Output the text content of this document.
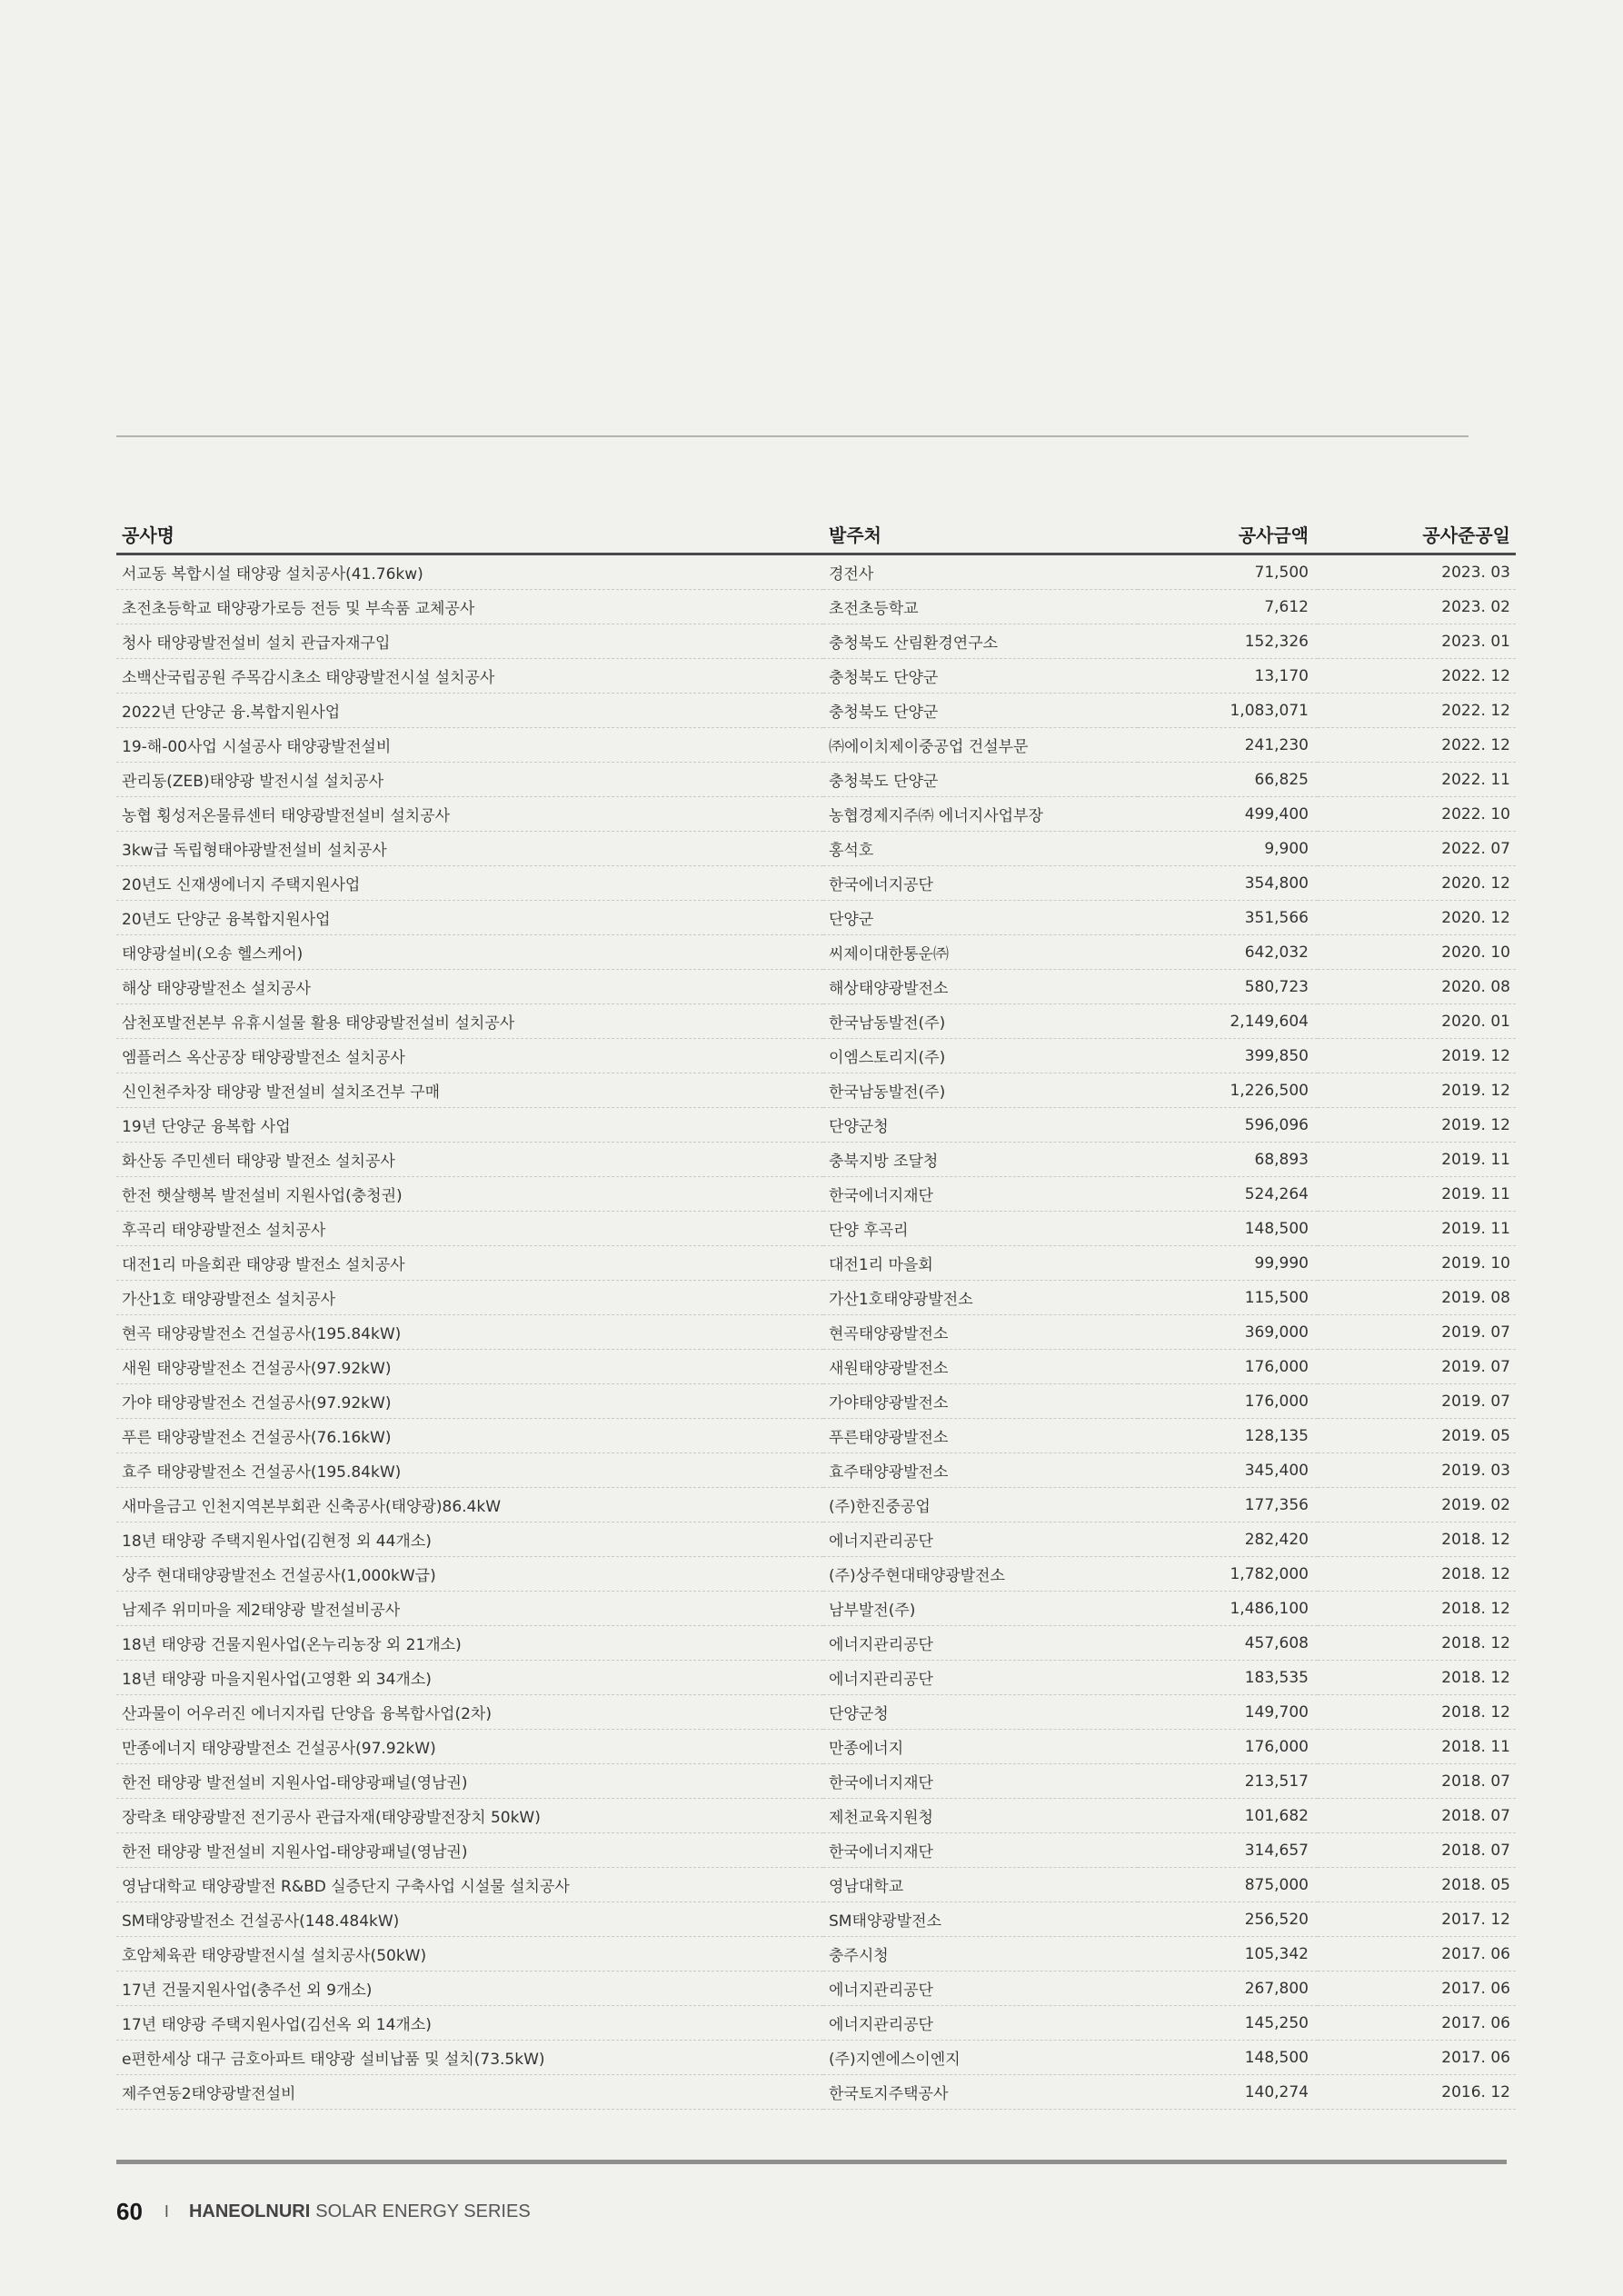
공사명	발주처	공사금액	공사준공일
서교동 복합시설 태양광 설치공사(41.76kw)	경전사	71,500	2023. 03
초전초등학교 태양광가로등 전등 및 부속품 교체공사	초전초등학교	7,612	2023. 02
청사 태양광발전설비 설치 관급자재구입	충청북도 산림환경연구소	152,326	2023. 01
소백산국립공원 주목감시초소 태양광발전시설 설치공사	충청북도 단양군	13,170	2022. 12
2022년 단양군 융.복합지원사업	충청북도 단양군	1,083,071	2022. 12
19-해-00사업 시설공사 태양광발전설비	㈜에이치제이중공업 건설부문	241,230	2022. 12
관리동(ZEB)태양광 발전시설 설치공사	충청북도 단양군	66,825	2022. 11
농협 횡성저온물류센터 태양광발전설비 설치공사	농협경제지주㈜ 에너지사업부장	499,400	2022. 10
3kw급 독립형태야광발전설비 설치공사	홍석호	9,900	2022. 07
20년도 신재생에너지 주택지원사업	한국에너지공단	354,800	2020. 12
20년도 단양군 융복합지원사업	단양군	351,566	2020. 12
태양광설비(오송 헬스케어)	씨제이대한통운㈜	642,032	2020. 10
해상 태양광발전소 설치공사	해상태양광발전소	580,723	2020. 08
삼천포발전본부 유휴시설물 활용 태양광발전설비 설치공사	한국남동발전(주)	2,149,604	2020. 01
엠플러스 옥산공장 태양광발전소 설치공사	이엠스토리지(주)	399,850	2019. 12
신인천주차장 태양광 발전설비 설치조건부 구매	한국남동발전(주)	1,226,500	2019. 12
19년 단양군 융복합 사업	단양군청	596,096	2019. 12
화산동 주민센터 태양광 발전소 설치공사	충북지방 조달청	68,893	2019. 11
한전 햇살행복 발전설비 지원사업(충청권)	한국에너지재단	524,264	2019. 11
후곡리 태양광발전소 설치공사	단양 후곡리	148,500	2019. 11
대전1리 마을회관 태양광 발전소 설치공사	대전1리 마을회	99,990	2019. 10
가산1호 태양광발전소 설치공사	가산1호태양광발전소	115,500	2019. 08
현곡 태양광발전소 건설공사(195.84kW)	현곡태양광발전소	369,000	2019. 07
새원 태양광발전소 건설공사(97.92kW)	새원태양광발전소	176,000	2019. 07
가야 태양광발전소 건설공사(97.92kW)	가야태양광발전소	176,000	2019. 07
푸른 태양광발전소 건설공사(76.16kW)	푸른태양광발전소	128,135	2019. 05
효주 태양광발전소 건설공사(195.84kW)	효주태양광발전소	345,400	2019. 03
새마을금고 인천지역본부회관 신축공사(태양광)86.4kW	(주)한진중공업	177,356	2019. 02
18년 태양광 주택지원사업(김현정 외 44개소)	에너지관리공단	282,420	2018. 12
상주 현대태양광발전소 건설공사(1,000kW급)	(주)상주현대태양광발전소	1,782,000	2018. 12
남제주 위미마을 제2태양광 발전설비공사	남부발전(주)	1,486,100	2018. 12
18년 태양광 건물지원사업(온누리농장 외 21개소)	에너지관리공단	457,608	2018. 12
18년 태양광 마을지원사업(고영환 외 34개소)	에너지관리공단	183,535	2018. 12
산과물이 어우러진 에너지자립 단양읍 융복합사업(2차)	단양군청	149,700	2018. 12
만종에너지 태양광발전소 건설공사(97.92kW)	만종에너지	176,000	2018. 11
한전 태양광 발전설비 지원사업-태양광패널(영남권)	한국에너지재단	213,517	2018. 07
장락초 태양광발전 전기공사 관급자재(태양광발전장치 50kW)	제천교육지원청	101,682	2018. 07
한전 태양광 발전설비 지원사업-태양광패널(영남권)	한국에너지재단	314,657	2018. 07
영남대학교 태양광발전 R&BD 실증단지 구축사업 시설물 설치공사	영남대학교	875,000	2018. 05
SM태양광발전소 건설공사(148.484kW)	SM태양광발전소	256,520	2017. 12
호암체육관 태양광발전시설 설치공사(50kW)	충주시청	105,342	2017. 06
17년 건물지원사업(충주선 외 9개소)	에너지관리공단	267,800	2017. 06
17년 태양광 주택지원사업(김선옥 외 14개소)	에너지관리공단	145,250	2017. 06
e편한세상 대구 금호아파트 태양광 설비납품 및 설치(73.5kW)	(주)지엔에스이엔지	148,500	2017. 06
제주연동2태양광발전설비	한국토지주택공사	140,274	2016. 12
60 I HANEOLNURI SOLAR ENERGY SERIES
